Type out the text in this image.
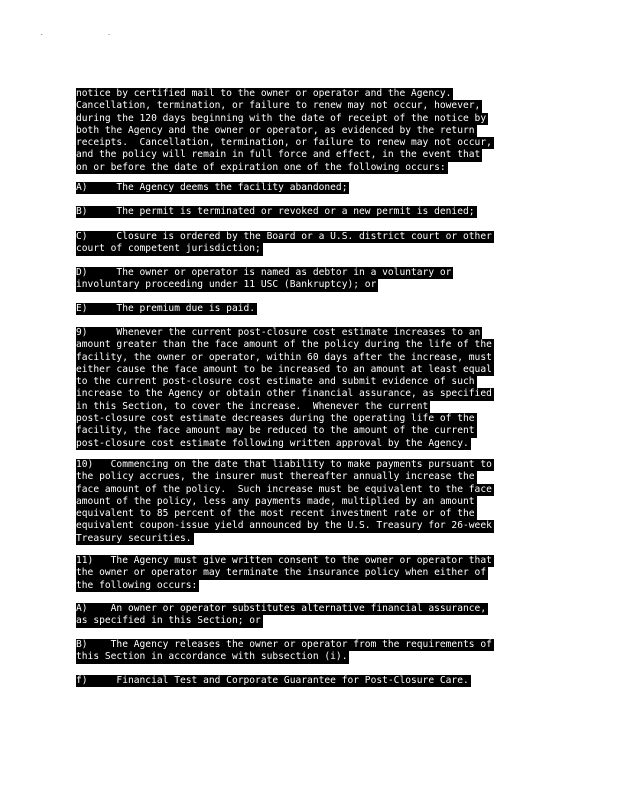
. .
notice by certified mail to the owner or operator and the Agency.
Cancellation, termination, or failure to renew may not occur, however,
during the 120 days beginning with the date of receipt of the notice by
both the Agency and the owner or operator, as evidenced by the return
receipts.  Cancellation, termination, or failure to renew may not occur,
and the policy will remain in full force and effect, in the event that
on or before the date of expiration one of the following occurs:
A)     The Agency deems the facility abandoned;
B)     The permit is terminated or revoked or a new permit is denied;
C)     Closure is ordered by the Board or a U.S. district court or other
court of competent jurisdiction;
D)     The owner or operator is named as debtor in a voluntary or
involuntary proceeding under 11 USC (Bankruptcy); or
E)     The premium due is paid.
9)     Whenever the current post-closure cost estimate increases to an
amount greater than the face amount of the policy during the life of the
facility, the owner or operator, within 60 days after the increase, must
either cause the face amount to be increased to an amount at least equal
to the current post-closure cost estimate and submit evidence of such
increase to the Agency or obtain other financial assurance, as specified
in this Section, to cover the increase.  Whenever the current
post-closure cost estimate decreases during the operating life of the
facility, the face amount may be reduced to the amount of the current
post-closure cost estimate following written approval by the Agency.
10)   Commencing on the date that liability to make payments pursuant to
the policy accrues, the insurer must thereafter annually increase the
face amount of the policy.  Such increase must be equivalent to the face
amount of the policy, less any payments made, multiplied by an amount
equivalent to 85 percent of the most recent investment rate or of the
equivalent coupon-issue yield announced by the U.S. Treasury for 26-week
Treasury securities.
11)   The Agency must give written consent to the owner or operator that
the owner or operator may terminate the insurance policy when either of
the following occurs:
A)    An owner or operator substitutes alternative financial assurance,
as specified in this Section; or
B)    The Agency releases the owner or operator from the requirements of
this Section in accordance with subsection (i).
f)     Financial Test and Corporate Guarantee for Post-Closure Care.
